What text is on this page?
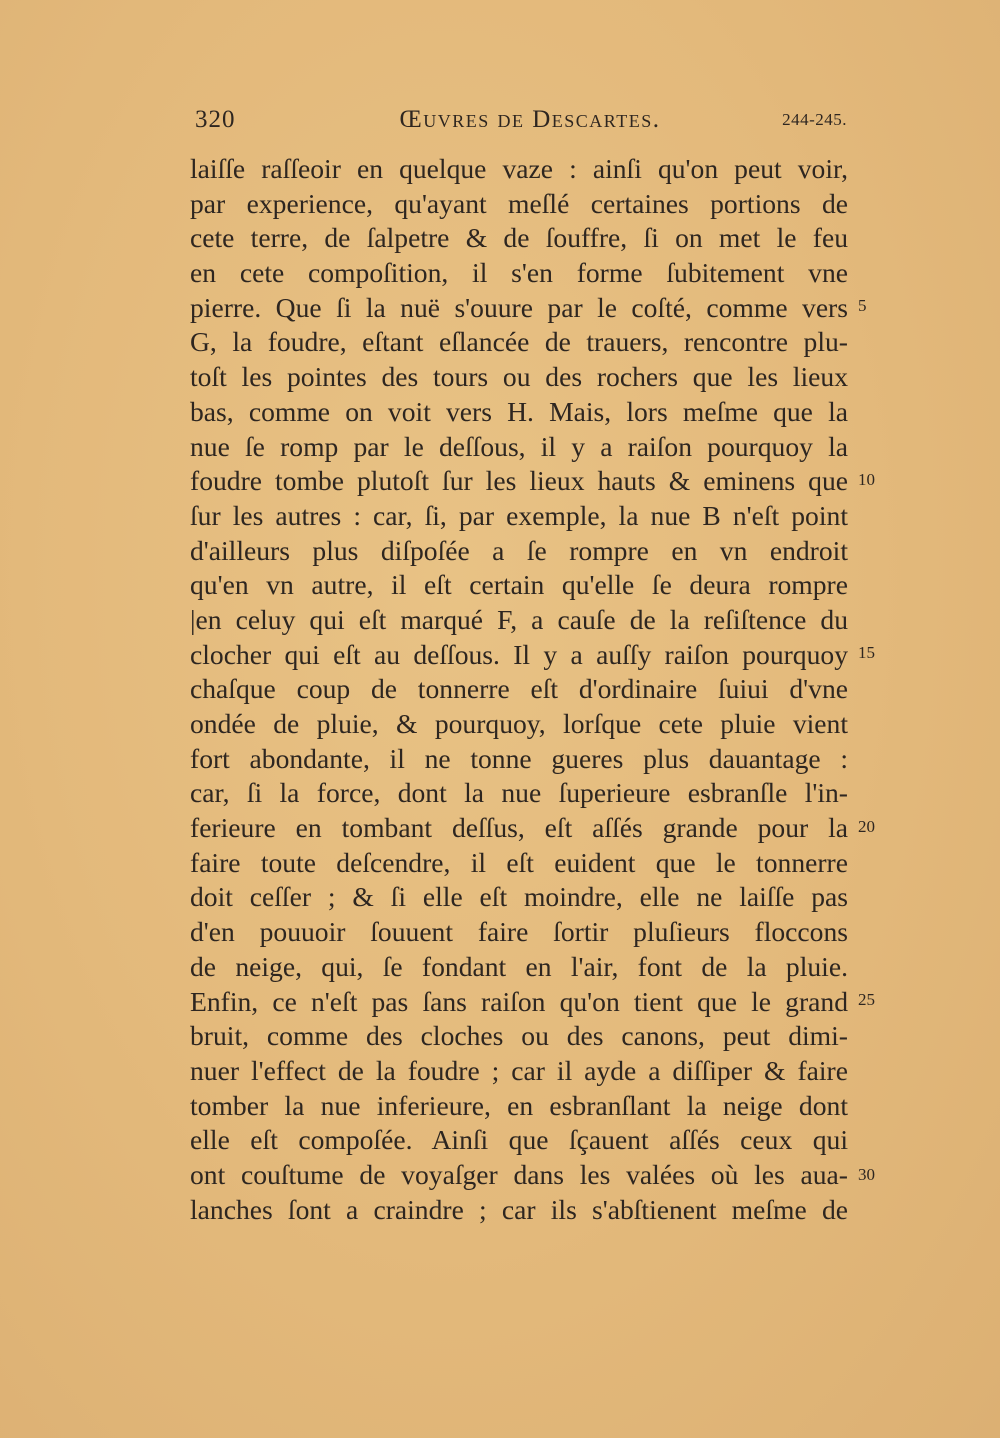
320	Œuvres de Descartes.	244-245.
laiſſe raſſeoir en quelque vaze : ainſi qu'on peut voir,
par experience, qu'ayant meſlé certaines portions de
cete terre, de ſalpetre & de ſouffre, ſi on met le feu
en cete compoſition, il s'en forme ſubitement vne
pierre. Que ſi la nuë s'ouure par le coſté, comme vers
G, la foudre, eſtant eſlancée de trauers, rencontre plu-
toſt les pointes des tours ou des rochers que les lieux
bas, comme on voit vers H. Mais, lors meſme que la
nue ſe romp par le deſſous, il y a raiſon pourquoy la
foudre tombe plutoſt ſur les lieux hauts & eminens que
ſur les autres : car, ſi, par exemple, la nue B n'eſt point
d'ailleurs plus diſpoſée a ſe rompre en vn endroit
qu'en vn autre, il eſt certain qu'elle ſe deura rompre
|en celuy qui eſt marqué F, a cauſe de la reſiſtence du
clocher qui eſt au deſſous. Il y a auſſy raiſon pourquoy
chaſque coup de tonnerre eſt d'ordinaire ſuiui d'vne
ondée de pluie, & pourquoy, lorſque cete pluie vient
fort abondante, il ne tonne gueres plus dauantage :
car, ſi la force, dont la nue ſuperieure esbranſle l'in-
ferieure en tombant deſſus, eſt aſſés grande pour la
faire toute deſcendre, il eſt euident que le tonnerre
doit ceſſer ; & ſi elle eſt moindre, elle ne laiſſe pas
d'en pouuoir ſouuent faire ſortir pluſieurs floccons
de neige, qui, ſe fondant en l'air, font de la pluie.
Enfin, ce n'eſt pas ſans raiſon qu'on tient que le grand
bruit, comme des cloches ou des canons, peut dimi-
nuer l'effect de la foudre ; car il ayde a diſſiper & faire
tomber la nue inferieure, en esbranſlant la neige dont
elle eſt compoſée. Ainſi que ſçauent aſſés ceux qui
ont couſtume de voyaſger dans les valées où les aua-
lanches ſont a craindre ; car ils s'abſtienent meſme de
5
10
15
20
25
30
